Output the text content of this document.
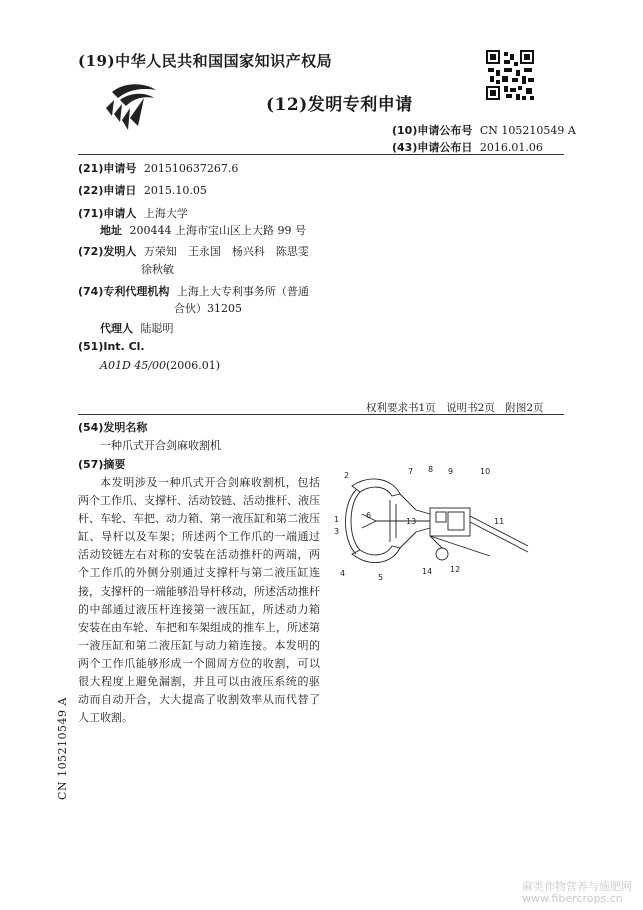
(19)中华人民共和国国家知识产权局
(12)发明专利申请
(10)申请公布号 CN 105210549 A
(43)申请公布日 2016.01.06
(21)申请号 201510637267.6
(22)申请日 2015.10.05
(71)申请人 上海大学
地址 200444 上海市宝山区上大路 99 号
(72)发明人 万荣知　王永国　杨兴科　陈思雯
徐秋敏
(74)专利代理机构 上海上大专利事务所（普通
合伙）31205
代理人 陆聪明
(51)Int. Cl.
A01D 45/00(2006.01)
权利要求书1页　说明书2页　附图2页
(54)发明名称
一种爪式开合剑麻收割机
(57)摘要
本发明涉及一种爪式开合剑麻收割机，包括
两个工作爪、支撑杆、活动铰链、活动推杆、液压
杆、车轮、车把、动力箱、第一液压缸和第二液压
缸、导杆以及车架；所述两个工作爪的一端通过
活动铰链左右对称的安装在活动推杆的两端，两
个工作爪的外侧分别通过支撑杆与第二液压缸连
接，支撑杆的一端能够沿导杆移动，所述活动推杆
的中部通过液压杆连接第一液压缸，所述动力箱
安装在由车轮、车把和车架组成的推车上，所述第
一液压缸和第二液压缸与动力箱连接。本发明的
两个工作爪能够形成一个圆周方位的收割，可以
很大程度上避免漏割，并且可以由液压系统的驱
动而自动开合，大大提高了收割效率从而代替了
人工收割。
1
2
3
4	5
6
7 8 9	10
11
12
13
14
CN 105210549 A
麻类作物营养与施肥网
www.fibercrops.cn
